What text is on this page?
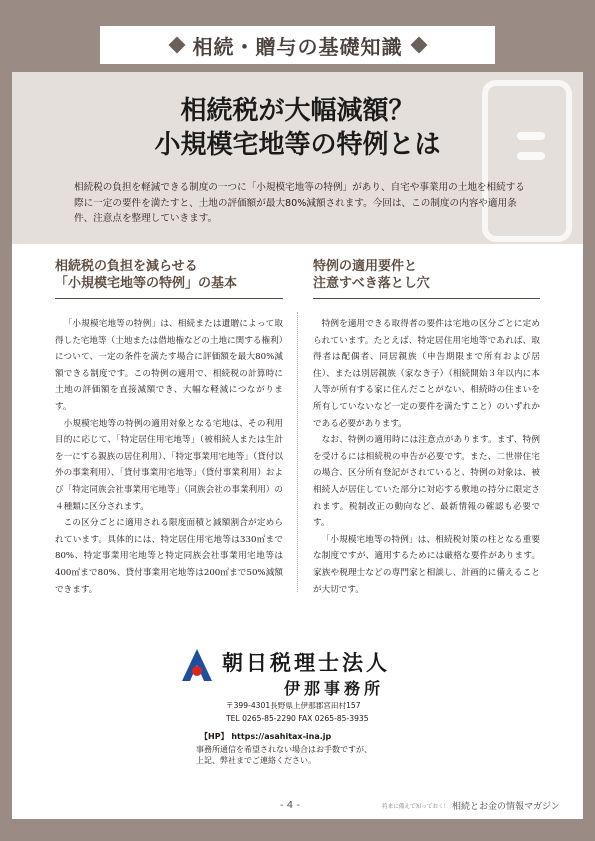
相続・贈与の基礎知識
相続税が大幅減額？
小規模宅地等の特例とは
相続税の負担を軽減できる制度の一つに「小規模宅地等の特例」があり、自宅や事業用の土地を相続する際に一定の要件を満たすと、土地の評価額が最大80%減額されます。今回は、この制度の内容や適用条件、注意点を整理していきます。
相続税の負担を減らせる
「小規模宅地等の特例」の基本
特例の適用要件と
注意すべき落とし穴

「小規模宅地等の特例」は、相続または遺贈によって取得した宅地等（土地または借地権などの土地に関する権利）について、一定の条件を満たす場合に評価額を最大80%減額できる制度です。この特例の適用で、相続税の計算時に土地の評価額を直接減額でき、大幅な軽減につながります。

小規模宅地等の特例の適用対象となる宅地は、その利用目的に応じて、「特定居住用宅地等」（被相続人または生計を一にする親族の居住利用）、「特定事業用宅地等」（貸付以外の事業利用）、「貸付事業用宅地等」（貸付事業利用）および「特定同族会社事業用宅地等」（同族会社の事業利用）の４種類に区分されます。

この区分ごとに適用される限度面積と減額割合が定められています。具体的には、特定居住用宅地等は330㎡まで80%、特定事業用宅地等と特定同族会社事業用宅地等は400㎡まで80%、貸付事業用宅地等は200㎡まで50%減額できます。

特例を適用できる取得者の要件は宅地の区分ごとに定められています。たとえば、特定居住用宅地等であれば、取得者は配偶者、同居親族（申告期限まで所有および居住）、または別居親族（家なき子）（相続開始３年以内に本人等が所有する家に住んだことがない、相続時の住まいを所有していないなど一定の要件を満たすこと）のいずれかである必要があります。

なお、特例の適用時には注意点があります。まず、特例を受けるには相続税の申告が必要です。また、二世帯住宅の場合、区分所有登記がされていると、特例の対象は、被相続人が居住していた部分に対応する敷地の持分に限定されます。税制改正の動向など、最新情報の確認も必要です。

「小規模宅地等の特例」は、相続税対策の柱となる重要な制度ですが、適用するためには厳格な要件があります。家族や税理士などの専門家と相談し、計画的に備えることが大切です。

朝日税理士法人
伊那事務所
〒399-4301長野県上伊那郡宮田村157
TEL 0265-85-2290 FAX 0265-85-3935
【HP】 https://asahitax-ina.jp
事務所通信を希望されない場合はお手数ですが、
上記、弊社までご連絡ください。
- 4 -	将来に備えて知っておく！ 相続とお金の情報マガジン
